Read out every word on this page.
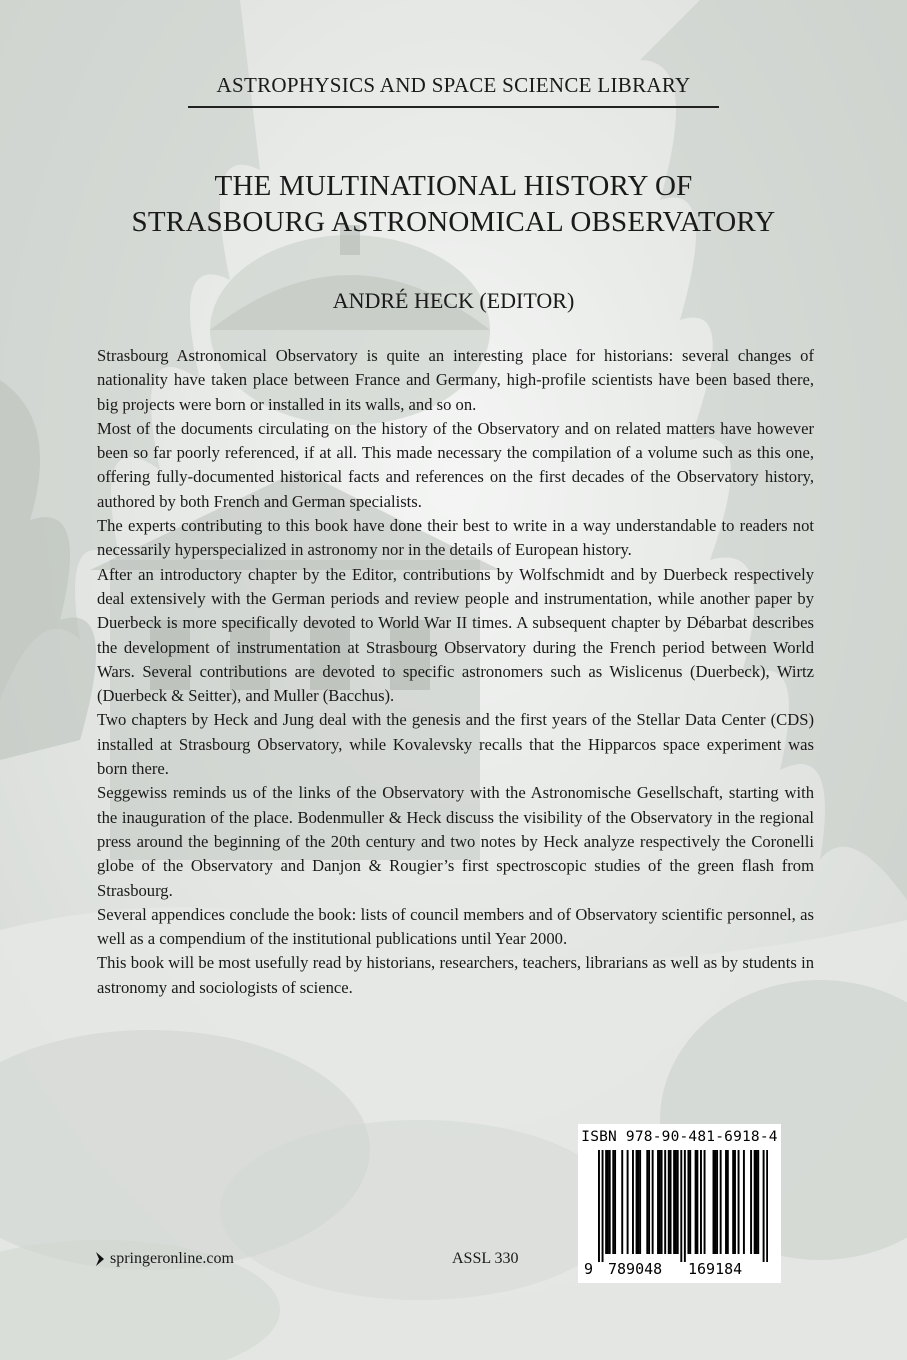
ASTROPHYSICS AND SPACE SCIENCE LIBRARY
THE MULTINATIONAL HISTORY OF
STRASBOURG ASTRONOMICAL OBSERVATORY
ANDRÉ HECK (EDITOR)

Strasbourg Astronomical Observatory is quite an interesting place for historians: several changes of nationality have taken place between France and Germany, high-profile scientists have been based there, big projects were born or installed in its walls, and so on.

Most of the documents circulating on the history of the Observatory and on related matters have however been so far poorly referenced, if at all. This made necessary the compilation of a volume such as this one, offering fully-documented historical facts and references on the first decades of the Observatory history, authored by both French and German specialists.

The experts contributing to this book have done their best to write in a way understandable to readers not necessarily hyperspecialized in astronomy nor in the details of European history.

After an introductory chapter by the Editor, contributions by Wolfschmidt and by Duerbeck respectively deal extensively with the German periods and review people and instrumentation, while another paper by Duerbeck is more specifically devoted to World War II times. A subsequent chapter by Débarbat describes the development of instrumentation at Strasbourg Observatory during the French period between World Wars. Several contributions are devoted to specific astronomers such as Wislicenus (Duerbeck), Wirtz (Duerbeck & Seitter), and Muller (Bacchus).

Two chapters by Heck and Jung deal with the genesis and the first years of the Stellar Data Center (CDS) installed at Strasbourg Observatory, while Kovalevsky recalls that the Hipparcos space experiment was born there.

Seggewiss reminds us of the links of the Observatory with the Astronomische Gesellschaft, starting with the inauguration of the place. Bodenmuller & Heck discuss the visibility of the Observatory in the regional press around the beginning of the 20th century and two notes by Heck analyze respectively the Coronelli globe of the Observatory and Danjon & Rougier’s first spectroscopic studies of the green flash from Strasbourg.

Several appendices conclude the book: lists of council members and of Observatory scientific personnel, as well as a compendium of the institutional publications until Year 2000.

This book will be most usefully read by historians, researchers, teachers, librarians as well as by students in astronomy and sociologists of science.

ISBN 978-90-481-6918-4
9 789048 169184
springeronline.com	ASSL 330
